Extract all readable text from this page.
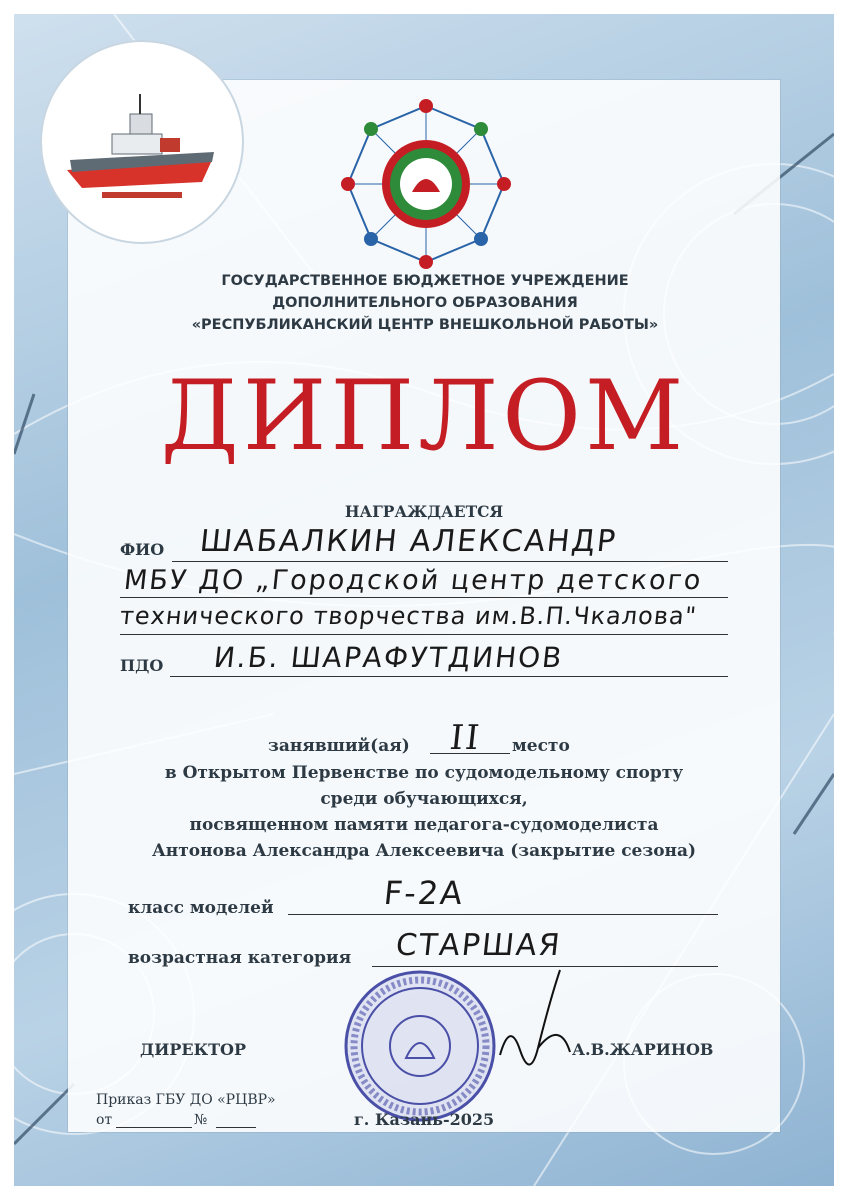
ГОСУДАРСТВЕННОЕ БЮДЖЕТНОЕ УЧРЕЖДЕНИЕ
ДОПОЛНИТЕЛЬНОГО ОБРАЗОВАНИЯ
«РЕСПУБЛИКАНСКИЙ ЦЕНТР ВНЕШКОЛЬНОЙ РАБОТЫ»
ДИПЛОМ
НАГРАЖДАЕТСЯ
ФИО ШАБАЛКИН АЛЕКСАНДР
МБУ ДО „Городской центр детского
технического творчества им.В.П.Чкалова"
ПДО И.Б. ШАРАФУТДИНОВ
занявший(ая) II место
в Открытом Первенстве по судомодельному спорту
среди обучающихся,
посвященном памяти педагога-судомоделиста
Антонова Александра Алексеевича (закрытие сезона)
класс моделей	F-2A
возрастная категория СТАРШАЯ
ДИРЕКТОР	А.В.ЖАРИНОВ
Приказ ГБУ ДО «РЦВР»
от	№	г. Казань-2025
